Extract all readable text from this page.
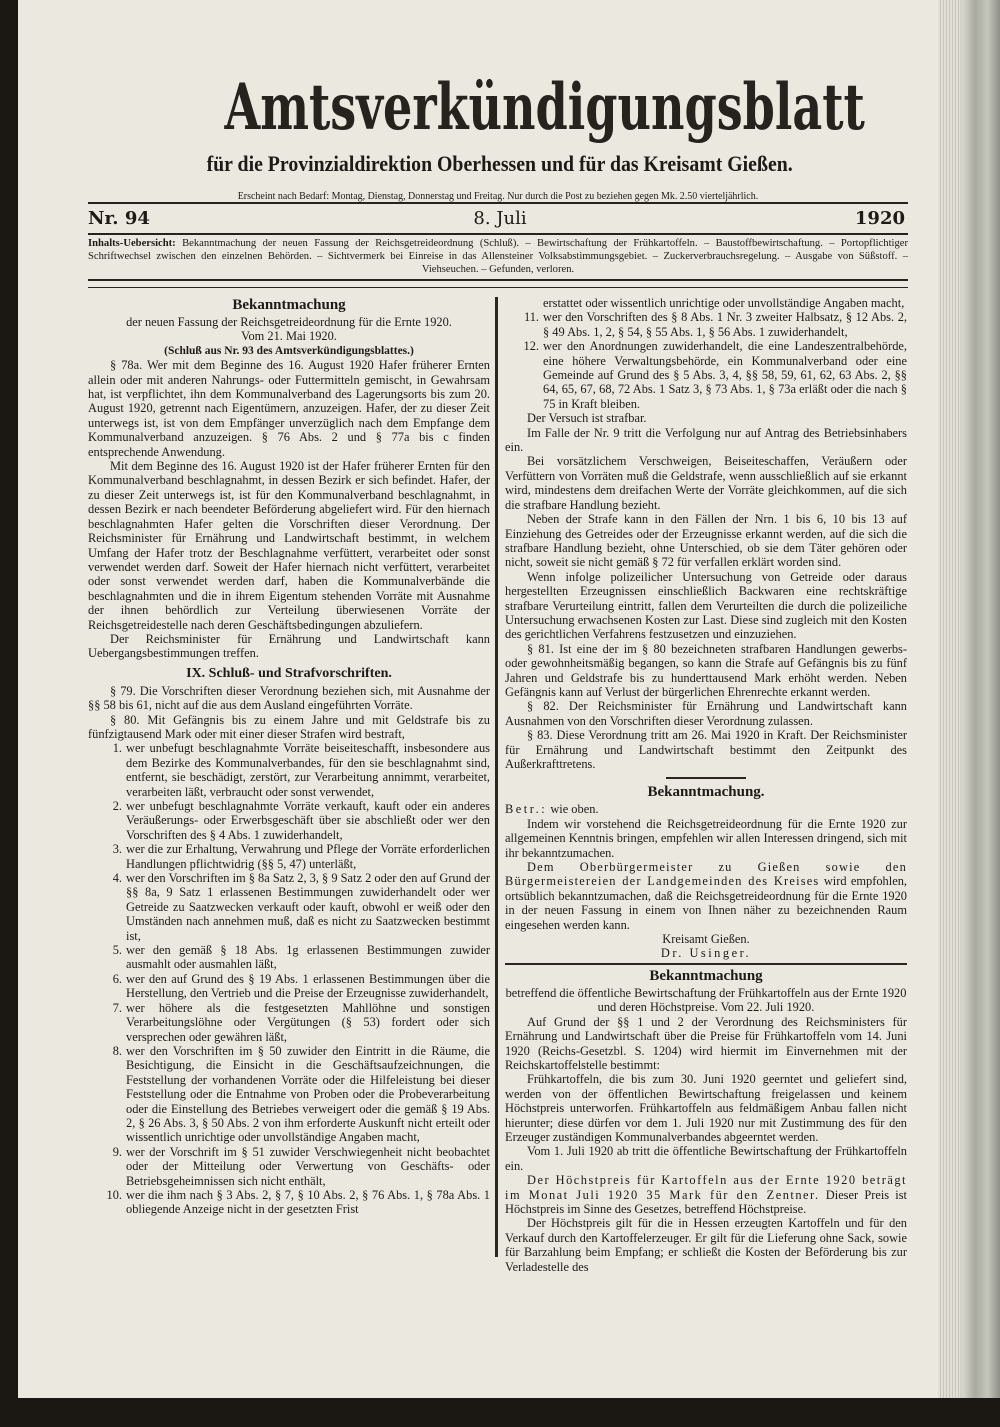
Amtsverkündigungsblatt
für die Provinzialdirektion Oberhessen und für das Kreisamt Gießen.
Erscheint nach Bedarf: Montag, Dienstag, Donnerstag und Freitag. Nur durch die Post zu beziehen gegen Mk. 2.50 vierteljährlich.
Nr. 94	8. Juli	1920
Inhalts-Uebersicht: Bekanntmachung der neuen Fassung der Reichsgetreideordnung (Schluß). – Bewirtschaftung der Frühkartoffeln. – Baustoffbewirtschaftung. – Portopflichtiger Schriftwechsel zwischen den einzelnen Behörden. – Sichtvermerk bei Einreise in das Allensteiner Volksabstimmungsgebiet. – Zuckerverbrauchsregelung. – Ausgabe von Süßstoff. – Viehseuchen. – Gefunden, verloren.
Bekanntmachung

der neuen Fassung der Reichsgetreideordnung für die Ernte 1920.

Vom 21. Mai 1920.

(Schluß aus Nr. 93 des Amtsverkündigungsblattes.)

§ 78a. Wer mit dem Beginne des 16. August 1920 Hafer früherer Ernten allein oder mit anderen Nahrungs- oder Futtermitteln gemischt, in Gewahrsam hat, ist verpflichtet, ihn dem Kommunalverband des Lagerungsorts bis zum 20. August 1920, getrennt nach Eigentümern, anzuzeigen. Hafer, der zu dieser Zeit unterwegs ist, ist von dem Empfänger unverzüglich nach dem Empfange dem Kommunalverband anzuzeigen. § 76 Abs. 2 und § 77a bis c finden entsprechende Anwendung.

Mit dem Beginne des 16. August 1920 ist der Hafer früherer Ernten für den Kommunalverband beschlagnahmt, in dessen Bezirk er sich befindet. Hafer, der zu dieser Zeit unterwegs ist, ist für den Kommunalverband beschlagnahmt, in dessen Bezirk er nach beendeter Beförderung abgeliefert wird. Für den hiernach beschlagnahmten Hafer gelten die Vorschriften dieser Verordnung. Der Reichsminister für Ernährung und Landwirtschaft bestimmt, in welchem Umfang der Hafer trotz der Beschlagnahme verfüttert, verarbeitet oder sonst verwendet werden darf. Soweit der Hafer hiernach nicht verfüttert, verarbeitet oder sonst verwendet werden darf, haben die Kommunalverbände die beschlagnahmten und die in ihrem Eigentum stehenden Vorräte mit Ausnahme der ihnen behördlich zur Verteilung überwiesenen Vorräte der Reichsgetreidestelle nach deren Geschäftsbedingungen abzuliefern.

Der Reichsminister für Ernährung und Landwirtschaft kann Uebergangsbestimmungen treffen.

IX. Schluß- und Strafvorschriften.

§ 79. Die Vorschriften dieser Verordnung beziehen sich, mit Ausnahme der §§ 58 bis 61, nicht auf die aus dem Ausland eingeführten Vorräte.

§ 80. Mit Gefängnis bis zu einem Jahre und mit Geldstrafe bis zu fünfzigtausend Mark oder mit einer dieser Strafen wird bestraft,

1. wer unbefugt beschlagnahmte Vorräte beiseiteschafft, insbesondere aus dem Bezirke des Kommunalverbandes, für den sie beschlagnahmt sind, entfernt, sie beschädigt, zerstört, zur Verarbeitung annimmt, verarbeitet, verarbeiten läßt, verbraucht oder sonst verwendet,
2. wer unbefugt beschlagnahmte Vorräte verkauft, kauft oder ein anderes Veräußerungs- oder Erwerbsgeschäft über sie abschließt oder wer den Vorschriften des § 4 Abs. 1 zuwiderhandelt,
3. wer die zur Erhaltung, Verwahrung und Pflege der Vorräte erforderlichen Handlungen pflichtwidrig (§§ 5, 47) unterläßt,
4. wer den Vorschriften im § 8a Satz 2, 3, § 9 Satz 2 oder den auf Grund der §§ 8a, 9 Satz 1 erlassenen Bestimmungen zuwiderhandelt oder wer Getreide zu Saatzwecken verkauft oder kauft, obwohl er weiß oder den Umständen nach annehmen muß, daß es nicht zu Saatzwecken bestimmt ist,
5. wer den gemäß § 18 Abs. 1g erlassenen Bestimmungen zuwider ausmahlt oder ausmahlen läßt,
6. wer den auf Grund des § 19 Abs. 1 erlassenen Bestimmungen über die Herstellung, den Vertrieb und die Preise der Erzeugnisse zuwiderhandelt,
7. wer höhere als die festgesetzten Mahllöhne und sonstigen Verarbeitungslöhne oder Vergütungen (§ 53) fordert oder sich versprechen oder gewähren läßt,
8. wer den Vorschriften im § 50 zuwider den Eintritt in die Räume, die Besichtigung, die Einsicht in die Geschäftsaufzeichnungen, die Feststellung der vorhandenen Vorräte oder die Hilfeleistung bei dieser Feststellung oder die Entnahme von Proben oder die Probeverarbeitung oder die Einstellung des Betriebes verweigert oder die gemäß § 19 Abs. 2, § 26 Abs. 3, § 50 Abs. 2 von ihm erforderte Auskunft nicht erteilt oder wissentlich unrichtige oder unvollständige Angaben macht,
9. wer der Vorschrift im § 51 zuwider Verschwiegenheit nicht beobachtet oder der Mitteilung oder Verwertung von Geschäfts- oder Betriebsgeheimnissen sich nicht enthält,
10. wer die ihm nach § 3 Abs. 2, § 7, § 10 Abs. 2, § 76 Abs. 1, § 78a Abs. 1 obliegende Anzeige nicht in der gesetzten Frist
erstattet oder wissentlich unrichtige oder unvollständige Angaben macht,
11. wer den Vorschriften des § 8 Abs. 1 Nr. 3 zweiter Halbsatz, § 12 Abs. 2, § 49 Abs. 1, 2, § 54, § 55 Abs. 1, § 56 Abs. 1 zuwiderhandelt,
12. wer den Anordnungen zuwiderhandelt, die eine Landeszentralbehörde, eine höhere Verwaltungsbehörde, ein Kommunalverband oder eine Gemeinde auf Grund des § 5 Abs. 3, 4, §§ 58, 59, 61, 62, 63 Abs. 2, §§ 64, 65, 67, 68, 72 Abs. 1 Satz 3, § 73 Abs. 1, § 73a erläßt oder die nach § 75 in Kraft bleiben.

Der Versuch ist strafbar.

Im Falle der Nr. 9 tritt die Verfolgung nur auf Antrag des Betriebsinhabers ein.

Bei vorsätzlichem Verschweigen, Beiseiteschaffen, Veräußern oder Verfüttern von Vorräten muß die Geldstrafe, wenn ausschließlich auf sie erkannt wird, mindestens dem dreifachen Werte der Vorräte gleichkommen, auf die sich die strafbare Handlung bezieht.

Neben der Strafe kann in den Fällen der Nrn. 1 bis 6, 10 bis 13 auf Einziehung des Getreides oder der Erzeugnisse erkannt werden, auf die sich die strafbare Handlung bezieht, ohne Unterschied, ob sie dem Täter gehören oder nicht, soweit sie nicht gemäß § 72 für verfallen erklärt worden sind.

Wenn infolge polizeilicher Untersuchung von Getreide oder daraus hergestellten Erzeugnissen einschließlich Backwaren eine rechtskräftige strafbare Verurteilung eintritt, fallen dem Verurteilten die durch die polizeiliche Untersuchung erwachsenen Kosten zur Last. Diese sind zugleich mit den Kosten des gerichtlichen Verfahrens festzusetzen und einzuziehen.

§ 81. Ist eine der im § 80 bezeichneten strafbaren Handlungen gewerbs- oder gewohnheitsmäßig begangen, so kann die Strafe auf Gefängnis bis zu fünf Jahren und Geldstrafe bis zu hunderttausend Mark erhöht werden. Neben Gefängnis kann auf Verlust der bürgerlichen Ehrenrechte erkannt werden.

§ 82. Der Reichsminister für Ernährung und Landwirtschaft kann Ausnahmen von den Vorschriften dieser Verordnung zulassen.

§ 83. Diese Verordnung tritt am 26. Mai 1920 in Kraft. Der Reichsminister für Ernährung und Landwirtschaft bestimmt den Zeitpunkt des Außerkrafttretens.

Bekanntmachung.

Betr.: wie oben.

Indem wir vorstehend die Reichsgetreideordnung für die Ernte 1920 zur allgemeinen Kenntnis bringen, empfehlen wir allen Interessen dringend, sich mit ihr bekanntzumachen.

Dem Oberbürgermeister zu Gießen sowie den Bürgermeistereien der Landgemeinden des Kreises wird empfohlen, ortsüblich bekanntzumachen, daß die Reichsgetreideordnung für die Ernte 1920 in der neuen Fassung in einem von Ihnen näher zu bezeichnenden Raum eingesehen werden kann.

Kreisamt Gießen.
Dr. Usinger.
Bekanntmachung

betreffend die öffentliche Bewirtschaftung der Frühkartoffeln aus der Ernte 1920 und deren Höchstpreise. Vom 22. Juli 1920.

Auf Grund der §§ 1 und 2 der Verordnung des Reichsministers für Ernährung und Landwirtschaft über die Preise für Frühkartoffeln vom 14. Juni 1920 (Reichs-Gesetzbl. S. 1204) wird hiermit im Einvernehmen mit der Reichskartoffelstelle bestimmt:

Frühkartoffeln, die bis zum 30. Juni 1920 geerntet und geliefert sind, werden von der öffentlichen Bewirtschaftung freigelassen und keinem Höchstpreis unterworfen. Frühkartoffeln aus feldmäßigem Anbau fallen nicht hierunter; diese dürfen vor dem 1. Juli 1920 nur mit Zustimmung des für den Erzeuger zuständigen Kommunalverbandes abgeerntet werden.

Vom 1. Juli 1920 ab tritt die öffentliche Bewirtschaftung der Frühkartoffeln ein.

Der Höchstpreis für Kartoffeln aus der Ernte 1920 beträgt im Monat Juli 1920 35 Mark für den Zentner. Dieser Preis ist Höchstpreis im Sinne des Gesetzes, betreffend Höchstpreise.

Der Höchstpreis gilt für die in Hessen erzeugten Kartoffeln und für den Verkauf durch den Kartoffelerzeuger. Er gilt für die Lieferung ohne Sack, sowie für Barzahlung beim Empfang; er schließt die Kosten der Beförderung bis zur Verladestelle des
